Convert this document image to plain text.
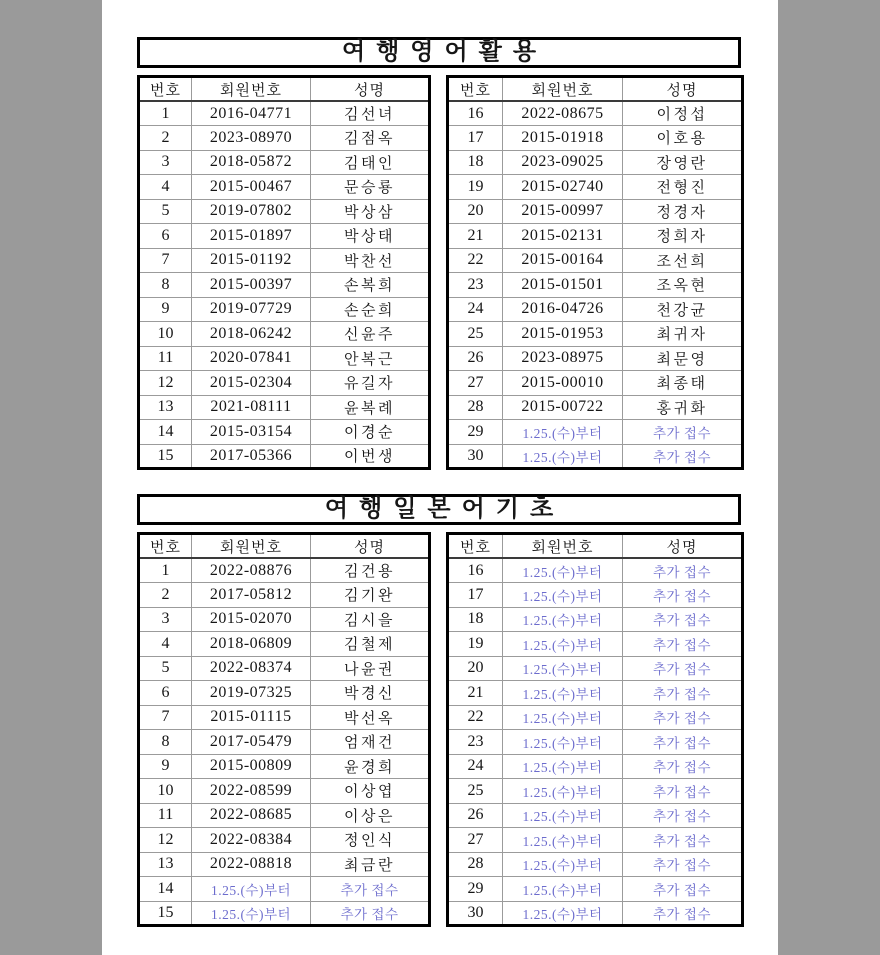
여행영어활용
번호	회원번호	성명
1	2016-04771	김선녀
2	2023-08970	김점옥
3	2018-05872	김태인
4	2015-00467	문승룡
5	2019-07802	박상삼
6	2015-01897	박상태
7	2015-01192	박찬선
8	2015-00397	손복희
9	2019-07729	손순희
10	2018-06242	신윤주
11	2020-07841	안복근
12	2015-02304	유길자
13	2021-08111	윤복례
14	2015-03154	이경순
15	2017-05366	이번생
번호	회원번호	성명
16	2022-08675	이정섭
17	2015-01918	이호용
18	2023-09025	장영란
19	2015-02740	전형진
20	2015-00997	정경자
21	2015-02131	정희자
22	2015-00164	조선희
23	2015-01501	조옥현
24	2016-04726	천강균
25	2015-01953	최귀자
26	2023-08975	최문영
27	2015-00010	최종태
28	2015-00722	홍귀화
29	1.25.(수)부터	추가 접수
30	1.25.(수)부터	추가 접수
여행일본어기초
번호	회원번호	성명
1	2022-08876	김건용
2	2017-05812	김기완
3	2015-02070	김시을
4	2018-06809	김철제
5	2022-08374	나윤권
6	2019-07325	박경신
7	2015-01115	박선옥
8	2017-05479	엄재건
9	2015-00809	윤경희
10	2022-08599	이상엽
11	2022-08685	이상은
12	2022-08384	정인식
13	2022-08818	최금란
14	1.25.(수)부터	추가 접수
15	1.25.(수)부터	추가 접수
번호	회원번호	성명
16	1.25.(수)부터	추가 접수
17	1.25.(수)부터	추가 접수
18	1.25.(수)부터	추가 접수
19	1.25.(수)부터	추가 접수
20	1.25.(수)부터	추가 접수
21	1.25.(수)부터	추가 접수
22	1.25.(수)부터	추가 접수
23	1.25.(수)부터	추가 접수
24	1.25.(수)부터	추가 접수
25	1.25.(수)부터	추가 접수
26	1.25.(수)부터	추가 접수
27	1.25.(수)부터	추가 접수
28	1.25.(수)부터	추가 접수
29	1.25.(수)부터	추가 접수
30	1.25.(수)부터	추가 접수
